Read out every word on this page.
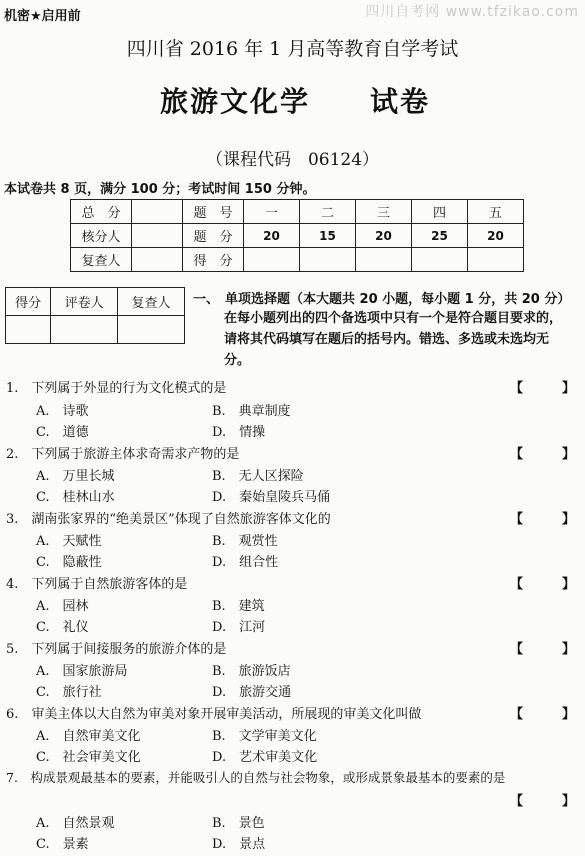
机密★启用前	四川自考网 www.tfzikao.com
四川省 2016 年 1 月高等教育自学考试
旅游文化学 试卷
（课程代码　06124）
本试卷共 8 页，满分 100 分；考试时间 150 分钟。
总　分		题　号	一	二	三	四	五
核分人		题　分	20	15	20	25	20
复查人		得　分					
得分	评卷人	复查人
		一、 单项选择题（本大题共 20 小题，每小题 1 分，共 20 分）
在每小题列出的四个备选项中只有一个是符合题目要求的，请将其代码填写在题后的括号内。错选、多选或未选均无分。
1.　下列属于外显的行为文化模式的是	【　　　】
A.　诗歌	B.　典章制度
C.　道德	D.　情操
2.　下列属于旅游主体求奇需求产物的是	【　　　】
A.　万里长城	B.　无人区探险
C.　桂林山水	D.　秦始皇陵兵马俑
3.　湖南张家界的“绝美景区”体现了自然旅游客体文化的	【　　　】
A.　天赋性	B.　观赏性
C.　隐蔽性	D.　组合性
4.　下列属于自然旅游客体的是	【　　　】
A.　园林	B.　建筑
C.　礼仪	D.　江河
5.　下列属于间接服务的旅游介体的是	【　　　】
A.　国家旅游局	B.　旅游饭店
C.　旅行社	D.　旅游交通
6.　审美主体以大自然为审美对象开展审美活动，所展现的审美文化叫做	【　　　】
A.　自然审美文化	B.　文学审美文化
C.　社会审美文化	D.　艺术审美文化
7.　构成景观最基本的要素，并能吸引人的自然与社会物象，或形成景象最基本的要素的是
【　　　】
A.　自然景观	B.　景色
C.　景素	D.　景点
